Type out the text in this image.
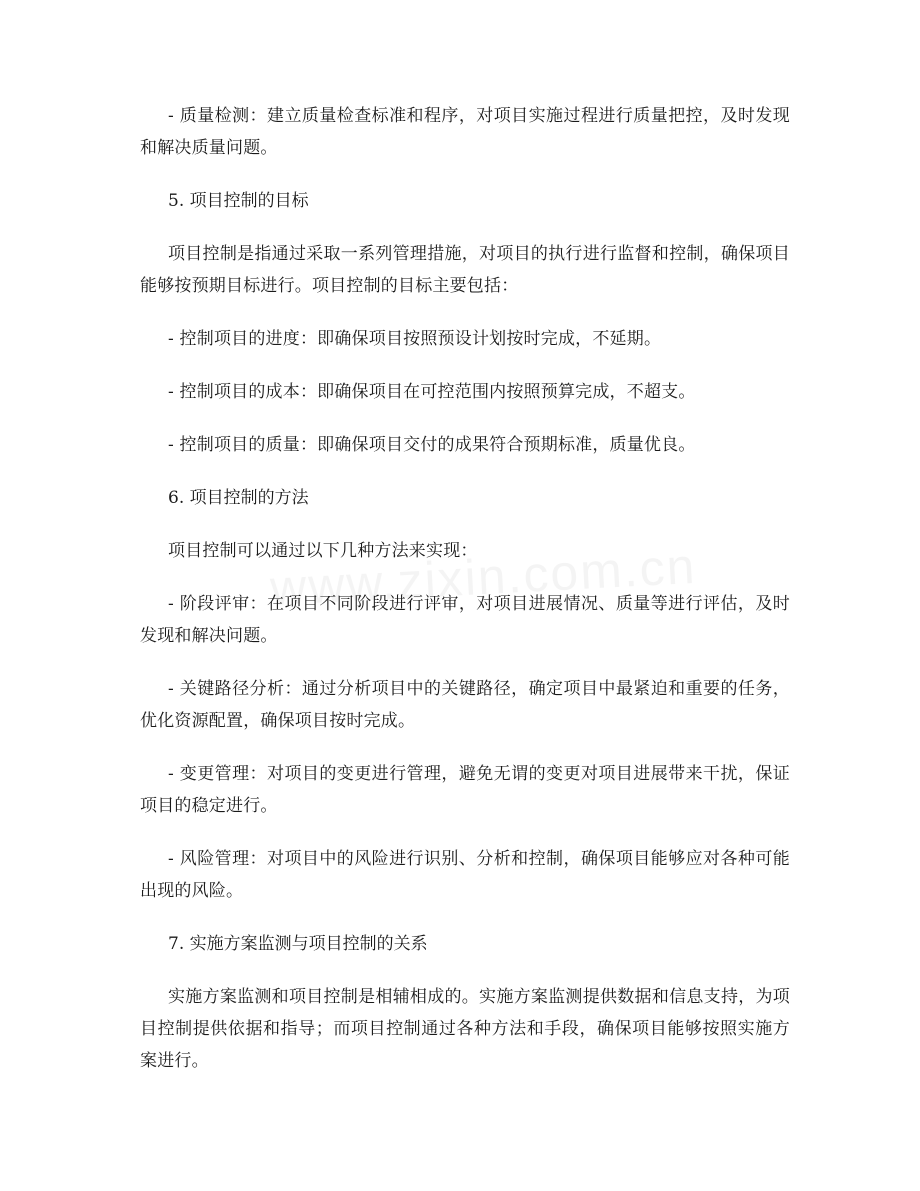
- 质量检测：建立质量检查标准和程序，对项目实施过程进行质量把控，及时发现和解决质量问题。

5. 项目控制的目标

项目控制是指通过采取一系列管理措施，对项目的执行进行监督和控制，确保项目能够按预期目标进行。项目控制的目标主要包括：

- 控制项目的进度：即确保项目按照预设计划按时完成，不延期。

- 控制项目的成本：即确保项目在可控范围内按照预算完成，不超支。

- 控制项目的质量：即确保项目交付的成果符合预期标准，质量优良。

6. 项目控制的方法

项目控制可以通过以下几种方法来实现：

- 阶段评审：在项目不同阶段进行评审，对项目进展情况、质量等进行评估，及时发现和解决问题。

- 关键路径分析：通过分析项目中的关键路径，确定项目中最紧迫和重要的任务，优化资源配置，确保项目按时完成。

- 变更管理：对项目的变更进行管理，避免无谓的变更对项目进展带来干扰，保证项目的稳定进行。

- 风险管理：对项目中的风险进行识别、分析和控制，确保项目能够应对各种可能出现的风险。

7. 实施方案监测与项目控制的关系

实施方案监测和项目控制是相辅相成的。实施方案监测提供数据和信息支持，为项目控制提供依据和指导；而项目控制通过各种方法和手段，确保项目能够按照实施方案进行。
